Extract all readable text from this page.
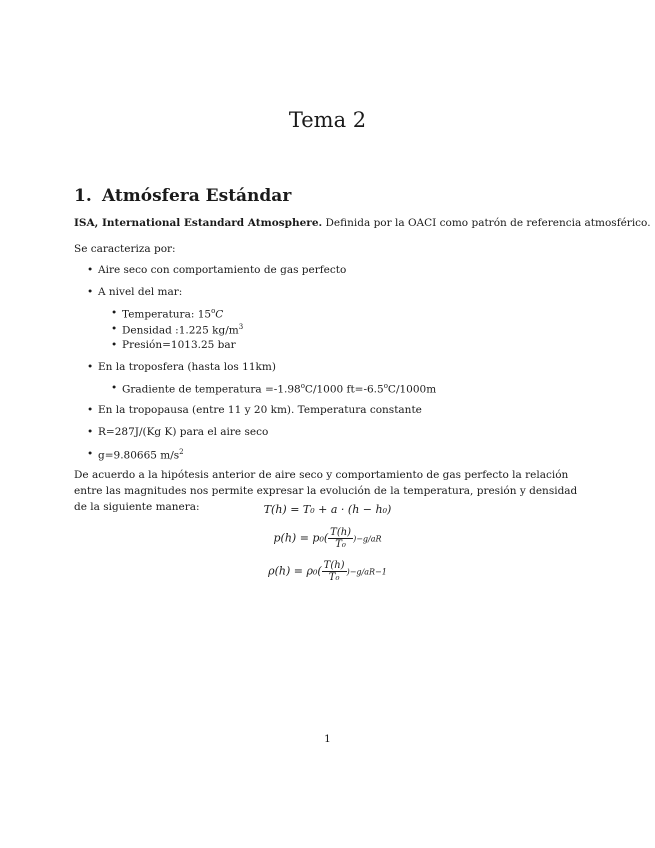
Tema 2
1. Atmósfera Estándar

ISA, International Estandard Atmosphere. Definida por la OACI como patrón de referencia atmosférico.

Se caracteriza por:

• Aire seco con comportamiento de gas perfecto
• A nivel del mar:
• Temperatura: 15$^o$C
• Densidad :1.225 $kg/m^3$
• Presión=1013.25 bar
• En la troposfera (hasta los 11km)
• Gradiente de temperatura $=-1.98^oC/1000$ $ft=-6.5^oC/1000m$
• En la tropopausa (entre 11 y 20 km). Temperatura constante
• R=287J/(Kg K) para el aire seco
• g=9.80665 $m/s^2$

De acuerdo a la hipótesis anterior de aire seco y comportamiento de gas perfecto la relación entre las magnitudes nos permite expresar la evolución de la temperatura, presión y densidad de la siguiente manera:	T(h) = T₀ + a · (h − h₀)
$p(h) = p_0( \frac{T(h)}{\text{T₀}} )-g/aR$
$\rho(h) = \rho_0( \frac{T(h)}{\text{T₀}} )-g/aR-1$
1
